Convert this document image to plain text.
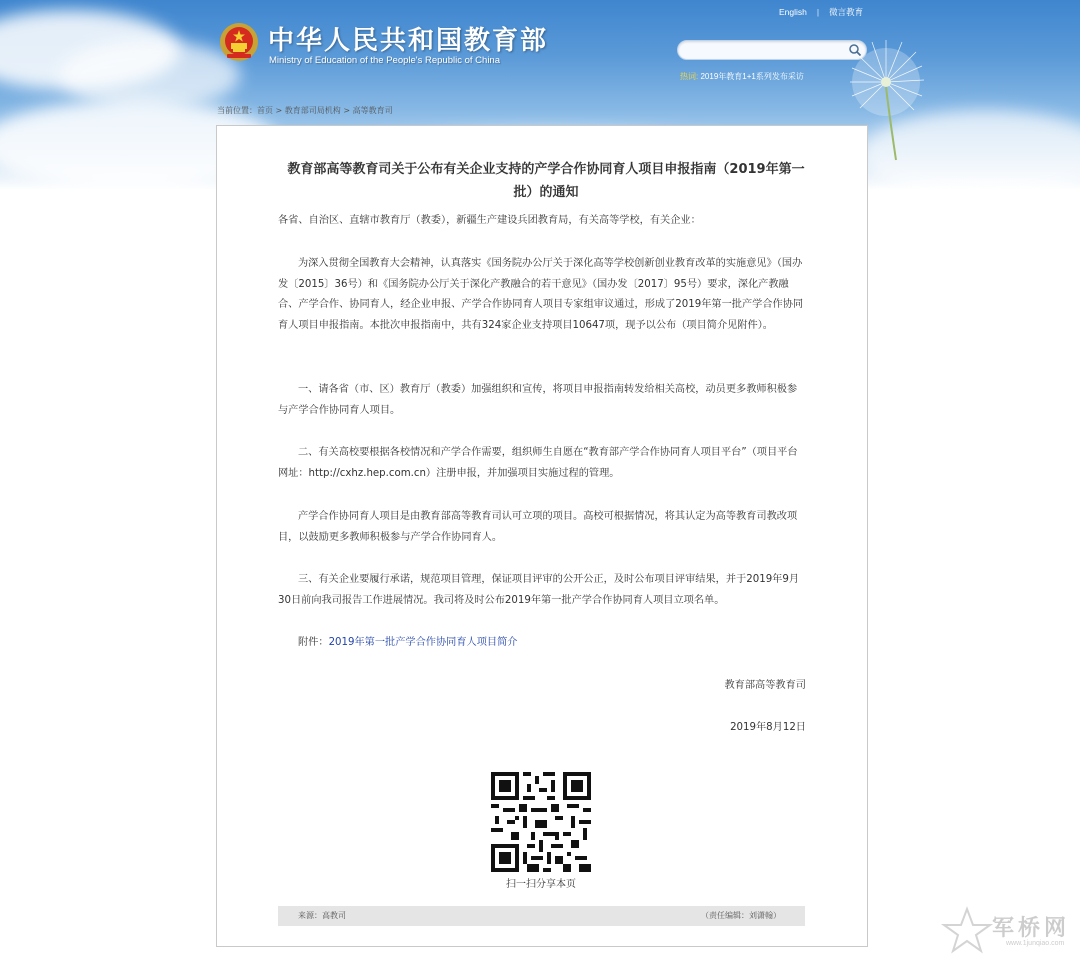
中华人民共和国教育部
Ministry of Education of the People's Republic of China
English | 微言教育
热词: 2019年教育1+1系列发布采访
当前位置：首页 > 教育部司局机构 > 高等教育司
教育部高等教育司关于公布有关企业支持的产学合作协同育人项目申报指南（2019年第一批）的通知
各省、自治区、直辖市教育厅（教委），新疆生产建设兵团教育局，有关高等学校，有关企业：
为深入贯彻全国教育大会精神，认真落实《国务院办公厅关于深化高等学校创新创业教育改革的实施意见》（国办发〔2015〕36号）和《国务院办公厅关于深化产教融合的若干意见》（国办发〔2017〕95号）要求，深化产教融合、产学合作、协同育人，经企业申报、产学合作协同育人项目专家组审议通过，形成了2019年第一批产学合作协同育人项目申报指南。本批次申报指南中，共有324家企业支持项目10647项，现予以公布（项目简介见附件）。
一、请各省（市、区）教育厅（教委）加强组织和宣传，将项目申报指南转发给相关高校，动员更多教师积极参与产学合作协同育人项目。
二、有关高校要根据各校情况和产学合作需要，组织师生自愿在“教育部产学合作协同育人项目平台”（项目平台网址：http://cxhz.hep.com.cn）注册申报，并加强项目实施过程的管理。
产学合作协同育人项目是由教育部高等教育司认可立项的项目。高校可根据情况，将其认定为高等教育司教改项目，以鼓励更多教师积极参与产学合作协同育人。
三、有关企业要履行承诺，规范项目管理，保证项目评审的公开公正，及时公布项目评审结果，并于2019年9月30日前向我司报告工作进展情况。我司将及时公布2019年第一批产学合作协同育人项目立项名单。
附件：2019年第一批产学合作协同育人项目简介
教育部高等教育司
2019年8月12日
扫一扫分享本页
来源：高教司	（责任编辑：刘潇翰）
军桥网
www.1junqiao.com
